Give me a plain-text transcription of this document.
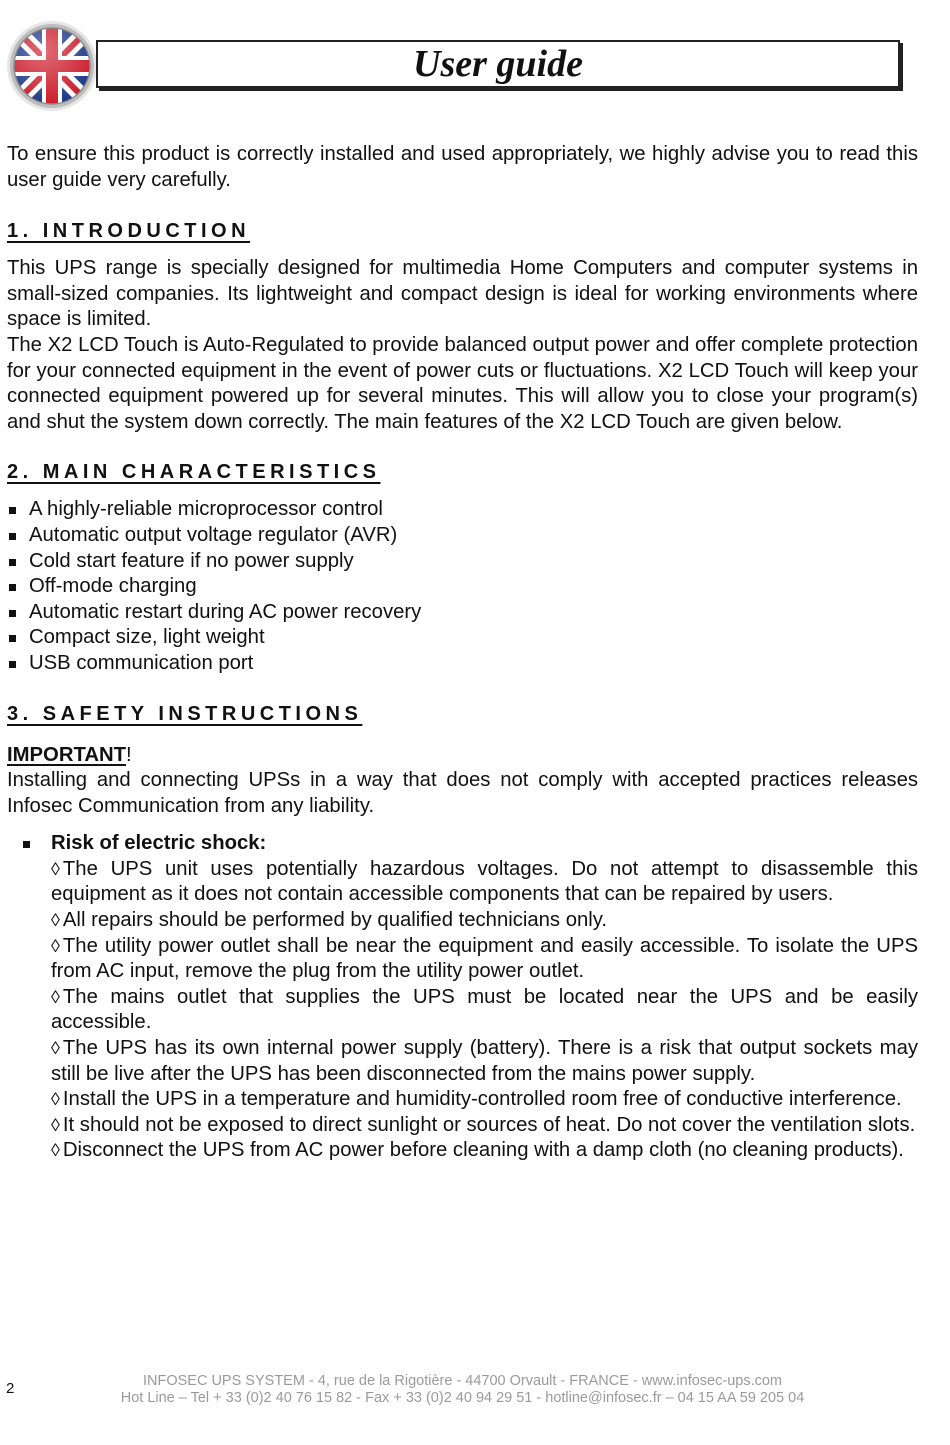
User guide

To ensure this product is correctly installed and used appropriately, we highly advise you to read this user guide very carefully.

1. INTRODUCTION

This UPS range is specially designed for multimedia Home Computers and computer systems in small-sized companies. Its lightweight and compact design is ideal for working environments where space is limited.

The X2 LCD Touch is Auto-Regulated to provide balanced output power and offer complete protection for your connected equipment in the event of power cuts or fluctuations. X2 LCD Touch will keep your connected equipment powered up for several minutes. This will allow you to close your program(s) and shut the system down correctly. The main features of the X2 LCD Touch are given below.

2. MAIN CHARACTERISTICS
A highly-reliable microprocessor control
Automatic output voltage regulator (AVR)
Cold start feature if no power supply
Off-mode charging
Automatic restart during AC power recovery
Compact size, light weight
USB communication port
3. SAFETY INSTRUCTIONS

IMPORTANT!

Installing and connecting UPSs in a way that does not comply with accepted practices releases Infosec Communication from any liability.

Risk of electric shock:

◊ The UPS unit uses potentially hazardous voltages. Do not attempt to disassemble this equipment as it does not contain accessible components that can be repaired by users.

◊ All repairs should be performed by qualified technicians only.

◊ The utility power outlet shall be near the equipment and easily accessible. To isolate the UPS from AC input, remove the plug from the utility power outlet.

◊ The mains outlet that supplies the UPS must be located near the UPS and be easily accessible.

◊ The UPS has its own internal power supply (battery). There is a risk that output sockets may still be live after the UPS has been disconnected from the mains power supply.

◊ Install the UPS in a temperature and humidity-controlled room free of conductive interference.

◊ It should not be exposed to direct sunlight or sources of heat. Do not cover the ventilation slots.

◊ Disconnect the UPS from AC power before cleaning with a damp cloth (no cleaning products).

2	INFOSEC UPS SYSTEM - 4, rue de la Rigotière - 44700 Orvault - FRANCE - www.infosec-ups.com
Hot Line – Tel + 33 (0)2 40 76 15 82 - Fax + 33 (0)2 40 94 29 51 - hotline@infosec.fr – 04 15 AA 59 205 04
